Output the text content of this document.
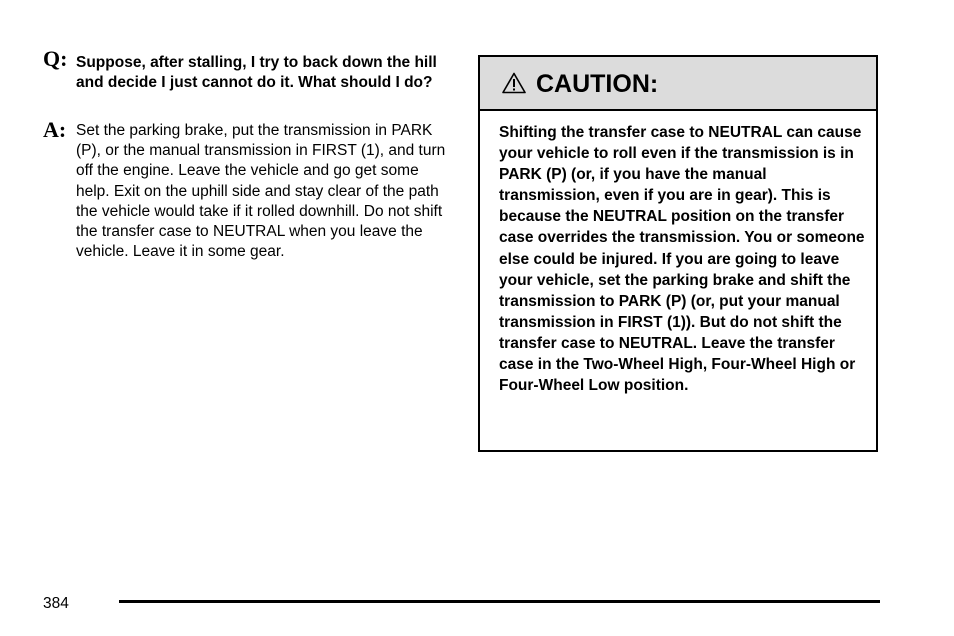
Q: Suppose, after stalling, I try to back down the hill and decide I just cannot do it. What should I do?
A: Set the parking brake, put the transmission in PARK (P), or the manual transmission in FIRST (1), and turn off the engine. Leave the vehicle and go get some help. Exit on the uphill side and stay clear of the path the vehicle would take if it rolled downhill. Do not shift the transfer case to NEUTRAL when you leave the vehicle. Leave it in some gear.
CAUTION:
Shifting the transfer case to NEUTRAL can cause your vehicle to roll even if the transmission is in PARK (P) (or, if you have the manual transmission, even if you are in gear). This is because the NEUTRAL position on the transfer case overrides the transmission. You or someone else could be injured. If you are going to leave your vehicle, set the parking brake and shift the transmission to PARK (P) (or, put your manual transmission in FIRST (1)). But do not shift the transfer case to NEUTRAL. Leave the transfer case in the Two-Wheel High, Four-Wheel High or Four-Wheel Low position.
384
